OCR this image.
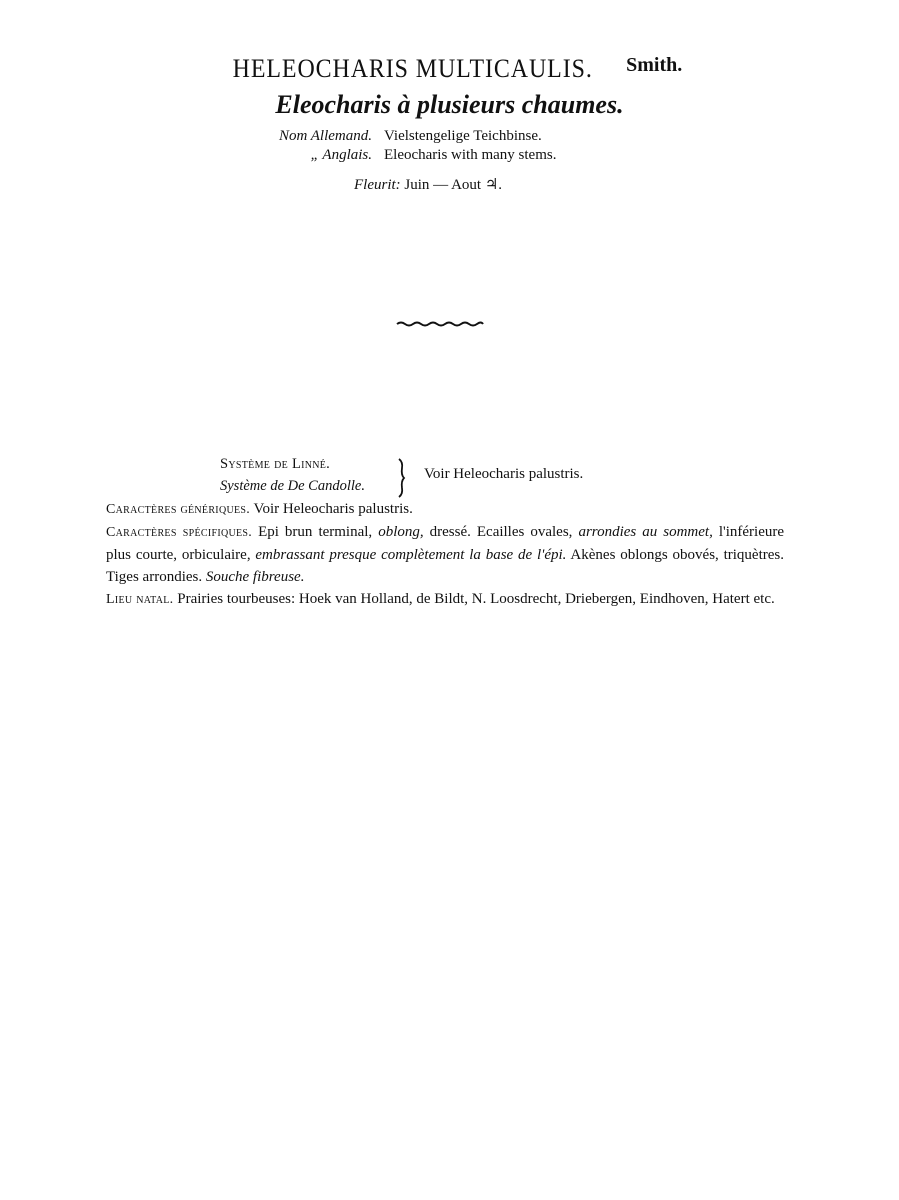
HELEOCHARIS MULTICAULIS. Smith.
Eleocharis à plusieurs chaumes.
Nom Allemand. Vielstengelige Teichbinse.
„ Anglais. Eleocharis with many stems.
Fleurit: Juin — Aout ♃.
Système de Linné.
Système de De Candolle.
Voir Heleocharis palustris.

Caractères génériques. Voir Heleocharis palustris.

Caractères spécifiques. Epi brun terminal, oblong, dressé. Ecailles ovales, arrondies au sommet, l'inférieure plus courte, orbiculaire, embrassant presque complètement la base de l'épi. Akènes oblongs obovés, triquètres. Tiges arrondies. Souche fibreuse.

Lieu natal. Prairies tourbeuses: Hoek van Holland, de Bildt, N. Loosdrecht, Driebergen, Eindhoven, Hatert etc.
